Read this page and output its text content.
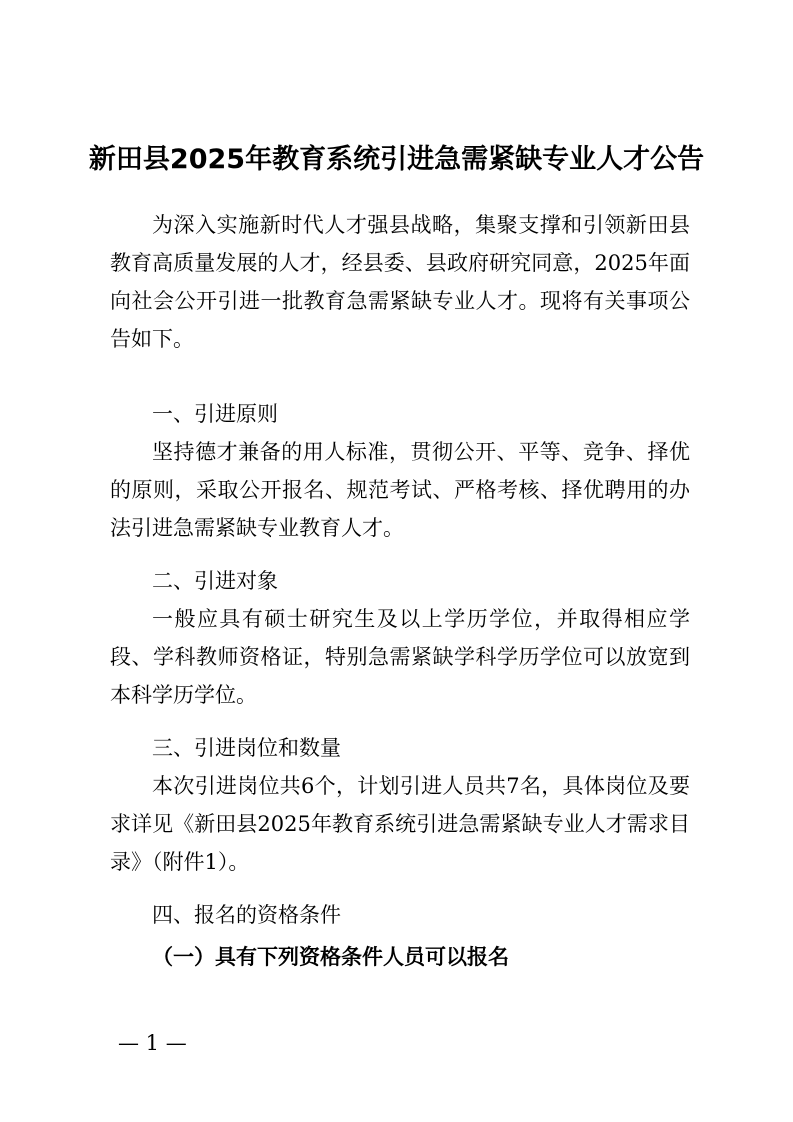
新田县2025年教育系统引进急需紧缺专业人才公告

为深入实施新时代人才强县战略，集聚支撑和引领新田县教育高质量发展的人才，经县委、县政府研究同意，2025年面向社会公开引进一批教育急需紧缺专业人才。现将有关事项公告如下。

一、引进原则

坚持德才兼备的用人标准，贯彻公开、平等、竞争、择优的原则，采取公开报名、规范考试、严格考核、择优聘用的办法引进急需紧缺专业教育人才。

二、引进对象

一般应具有硕士研究生及以上学历学位，并取得相应学段、学科教师资格证，特别急需紧缺学科学历学位可以放宽到本科学历学位。

三、引进岗位和数量

本次引进岗位共6个，计划引进人员共7名，具体岗位及要求详见《新田县2025年教育系统引进急需紧缺专业人才需求目录》（附件1）。

四、报名的资格条件
（一）具有下列资格条件人员可以报名
— 1 —
